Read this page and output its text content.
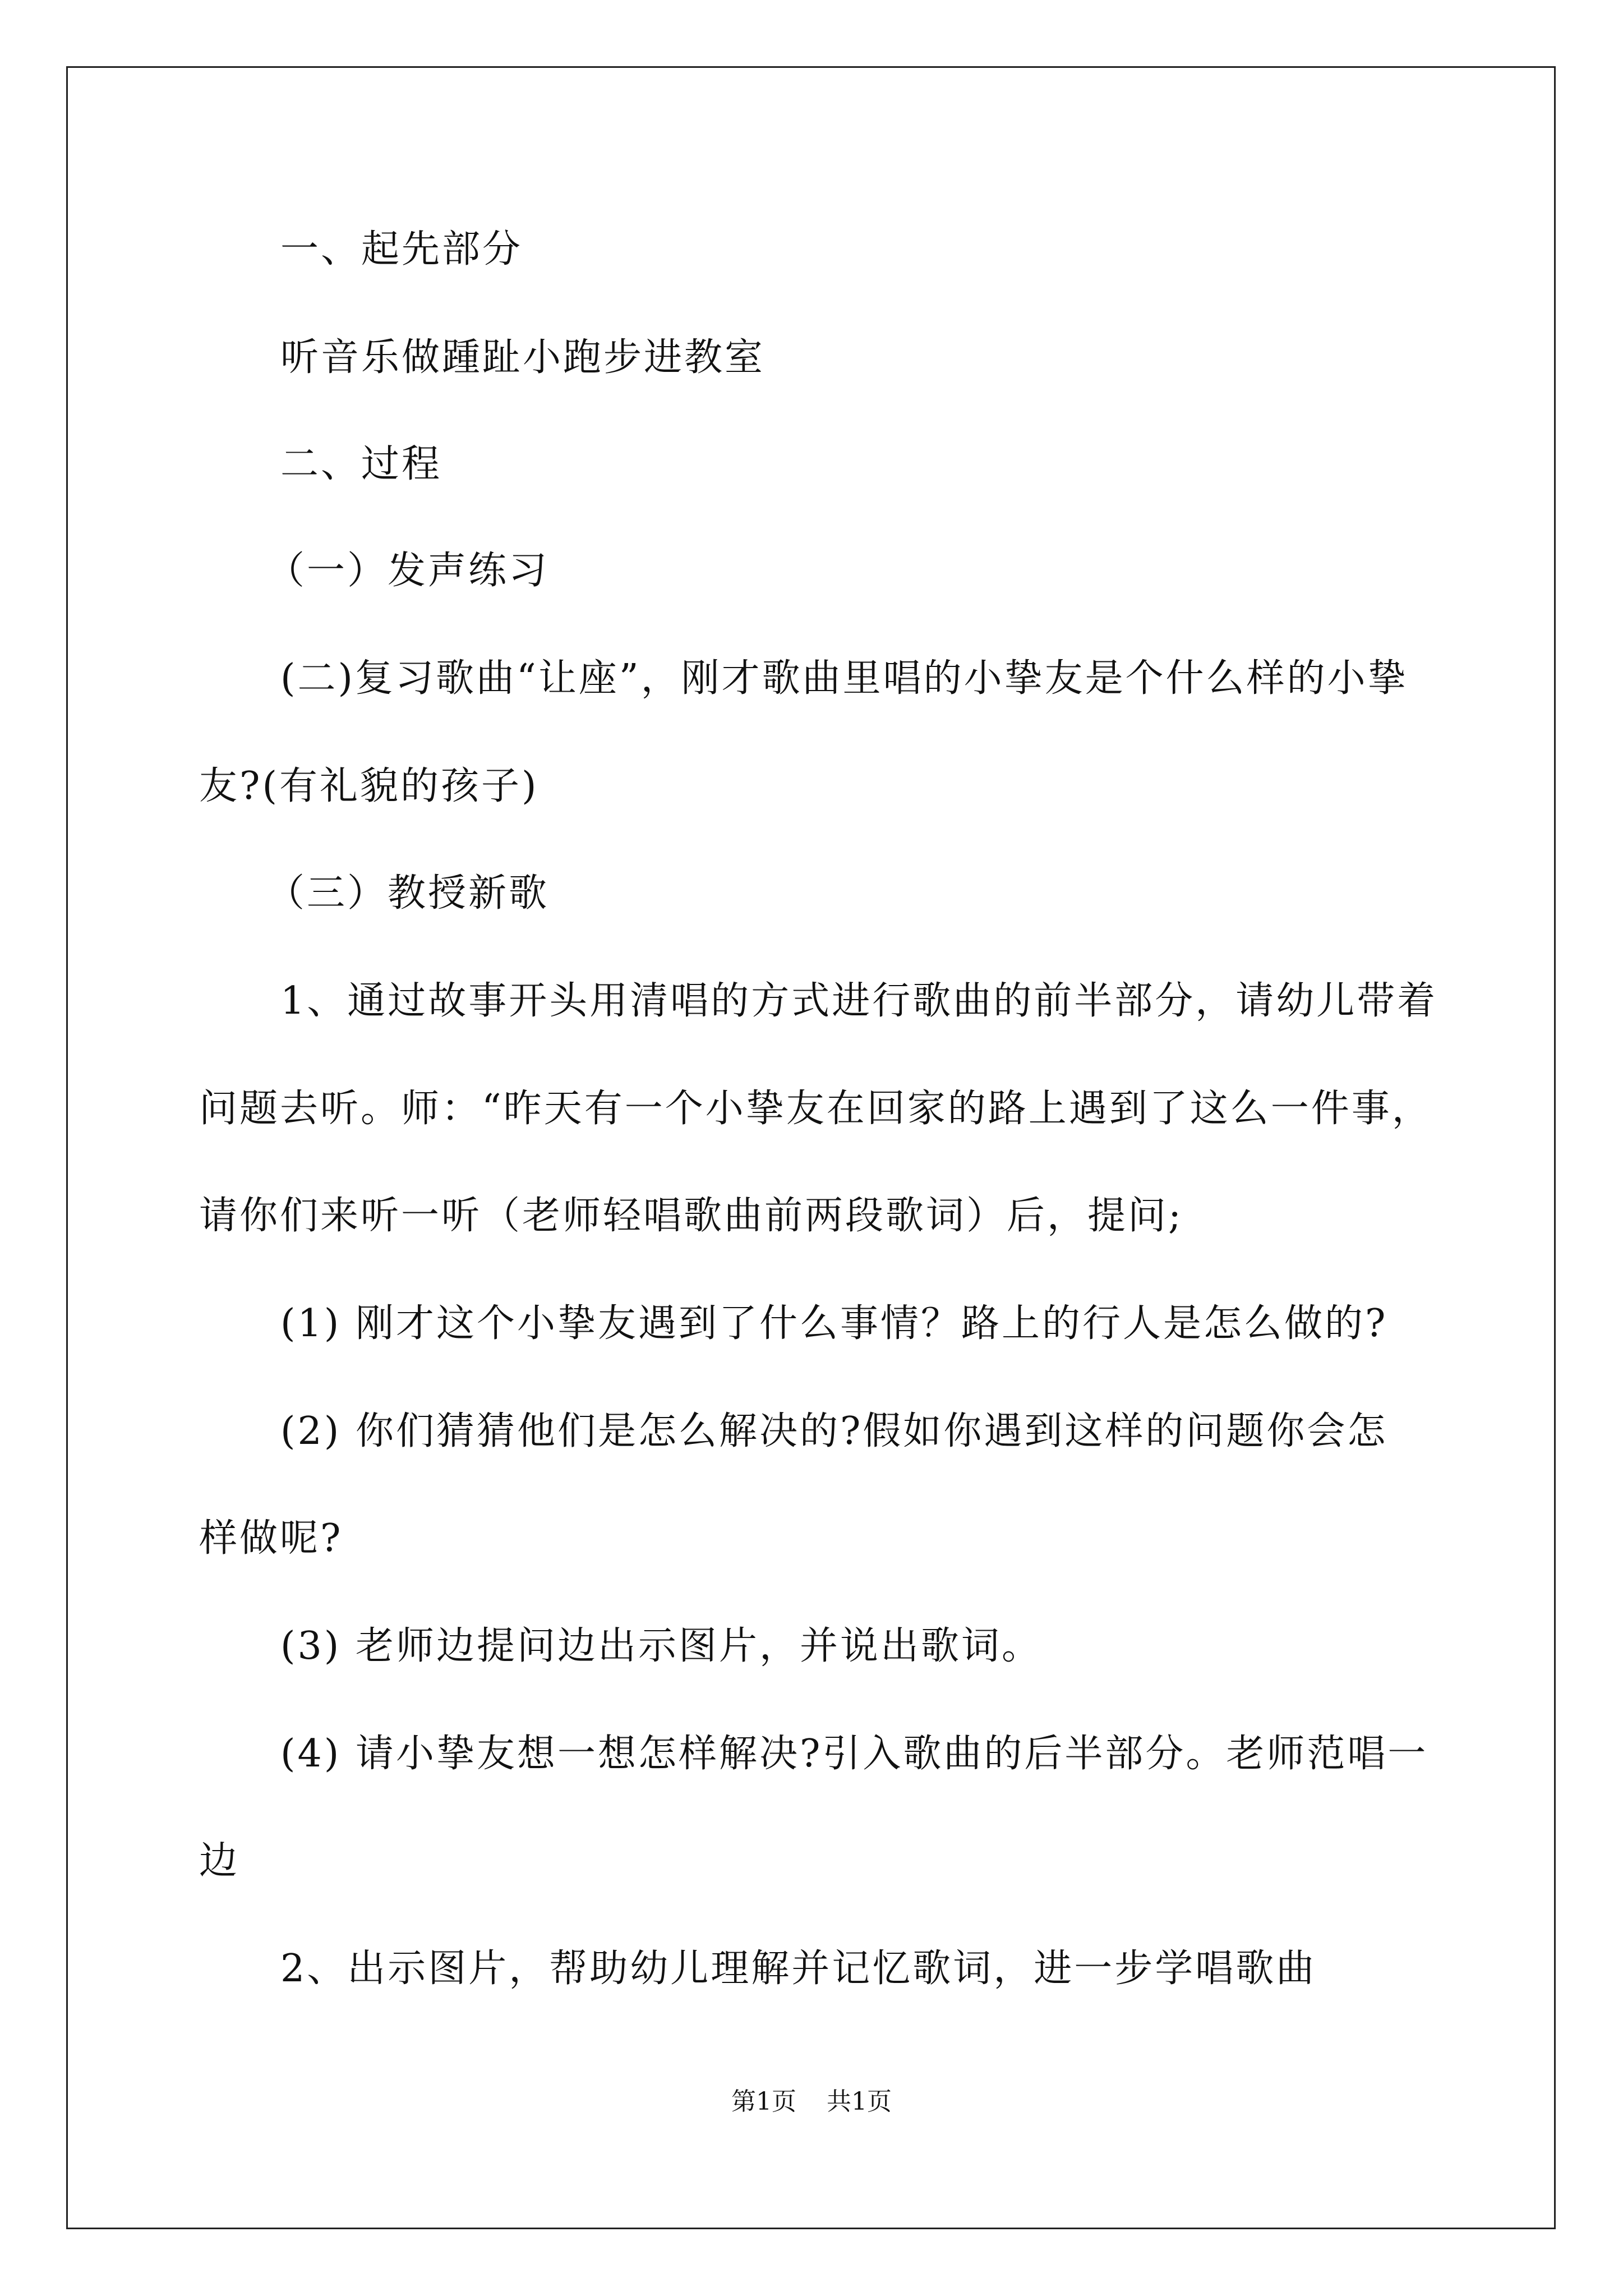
一、起先部分
听音乐做踵趾小跑步进教室
二、过程
（一）发声练习
(二)复习歌曲“让座”，刚才歌曲里唱的小挚友是个什么样的小挚
友?(有礼貌的孩子)
（三）教授新歌
1、通过故事开头用清唱的方式进行歌曲的前半部分，请幼儿带着
问题去听。师：“昨天有一个小挚友在回家的路上遇到了这么一件事，
请你们来听一听（老师轻唱歌曲前两段歌词）后，提问;
(1) 刚才这个小挚友遇到了什么事情？路上的行人是怎么做的?
(2) 你们猜猜他们是怎么解决的?假如你遇到这样的问题你会怎
样做呢?
(3) 老师边提问边出示图片，并说出歌词。
(4) 请小挚友想一想怎样解决?引入歌曲的后半部分。老师范唱一
边
2、出示图片，帮助幼儿理解并记忆歌词，进一步学唱歌曲
第1页 共1页
